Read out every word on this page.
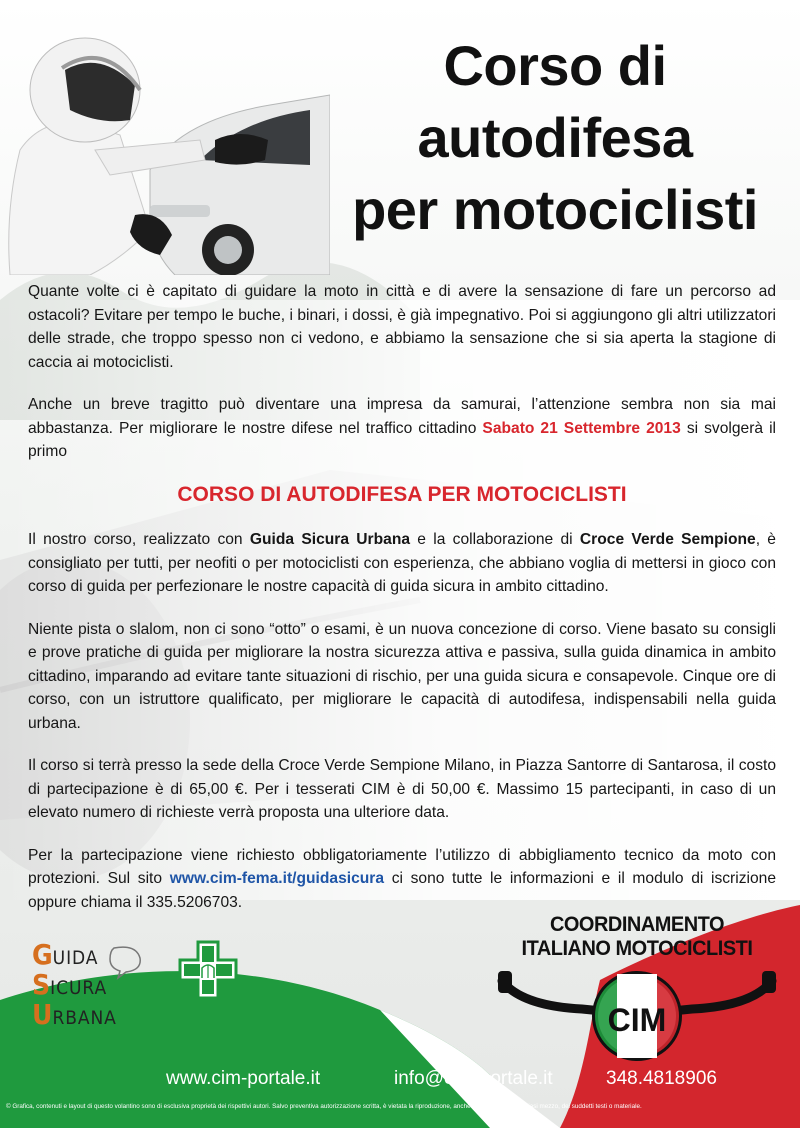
Corso di
autodifesa
per motociclisti

Quante volte ci è capitato di guidare la moto in città e di avere la sensazione di fare un percorso ad ostacoli? Evitare per tempo le buche, i binari, i dossi, è già impegnativo. Poi si aggiungono gli altri utilizzatori delle strade, che troppo spesso non ci vedono, e abbiamo la sensazione che si sia aperta la stagione di caccia ai motociclisti.

Anche un breve tragitto può diventare una impresa da samurai, l’attenzione sembra non sia mai abbastanza. Per migliorare le nostre difese nel traffico cittadino Sabato 21 Settembre 2013 si svolgerà il primo

CORSO DI AUTODIFESA PER MOTOCICLISTI

Il nostro corso, realizzato con Guida Sicura Urbana e la collaborazione di Croce Verde Sempione, è consigliato per tutti, per neofiti o per motociclisti con esperienza, che abbiano voglia di mettersi in gioco con corso di guida per perfezionare le nostre capacità di guida sicura in ambito cittadino.

Niente pista o slalom, non ci sono “otto” o esami, è un nuova concezione di corso. Viene basato su consigli e prove pratiche di guida per migliorare la nostra sicurezza attiva e passiva, sulla guida dinamica in ambito cittadino, imparando ad evitare tante situazioni di rischio, per una guida sicura e consapevole. Cinque ore di corso, con un istruttore qualificato, per migliorare le capacità di autodifesa, indispensabili nella guida urbana.

Il corso si terrà presso la sede della Croce Verde Sempione Milano, in Piazza Santorre di Santarosa, il costo di partecipazione è di 65,00 €. Per i tesserati CIM è di 50,00 €. Massimo 15 partecipanti, in caso di un elevato numero di richieste verrà proposta una ulteriore data.

Per la partecipazione viene richiesto obbligatoriamente l’utilizzo di abbigliamento tecnico da moto con protezioni. Sul sito www.cim-fema.it/guidasicura ci sono tutte le informazioni e il modulo di iscrizione oppure chiama il 335.5206703.

GUIDA
SICURA
URBANA
COORDINAMENTO
ITALIANO MOTOCICLISTI
CIM
www.cim-portale.it	info@cim-portale.it	348.4818906
© Grafica, contenuti e layout di questo volantino sono di esclusiva proprietà dei rispettivi autori. Salvo preventiva autorizzazione scritta, è vietata la riproduzione, anche parziale e con qualsiasi mezzo, dei suddetti testi o materiale.
